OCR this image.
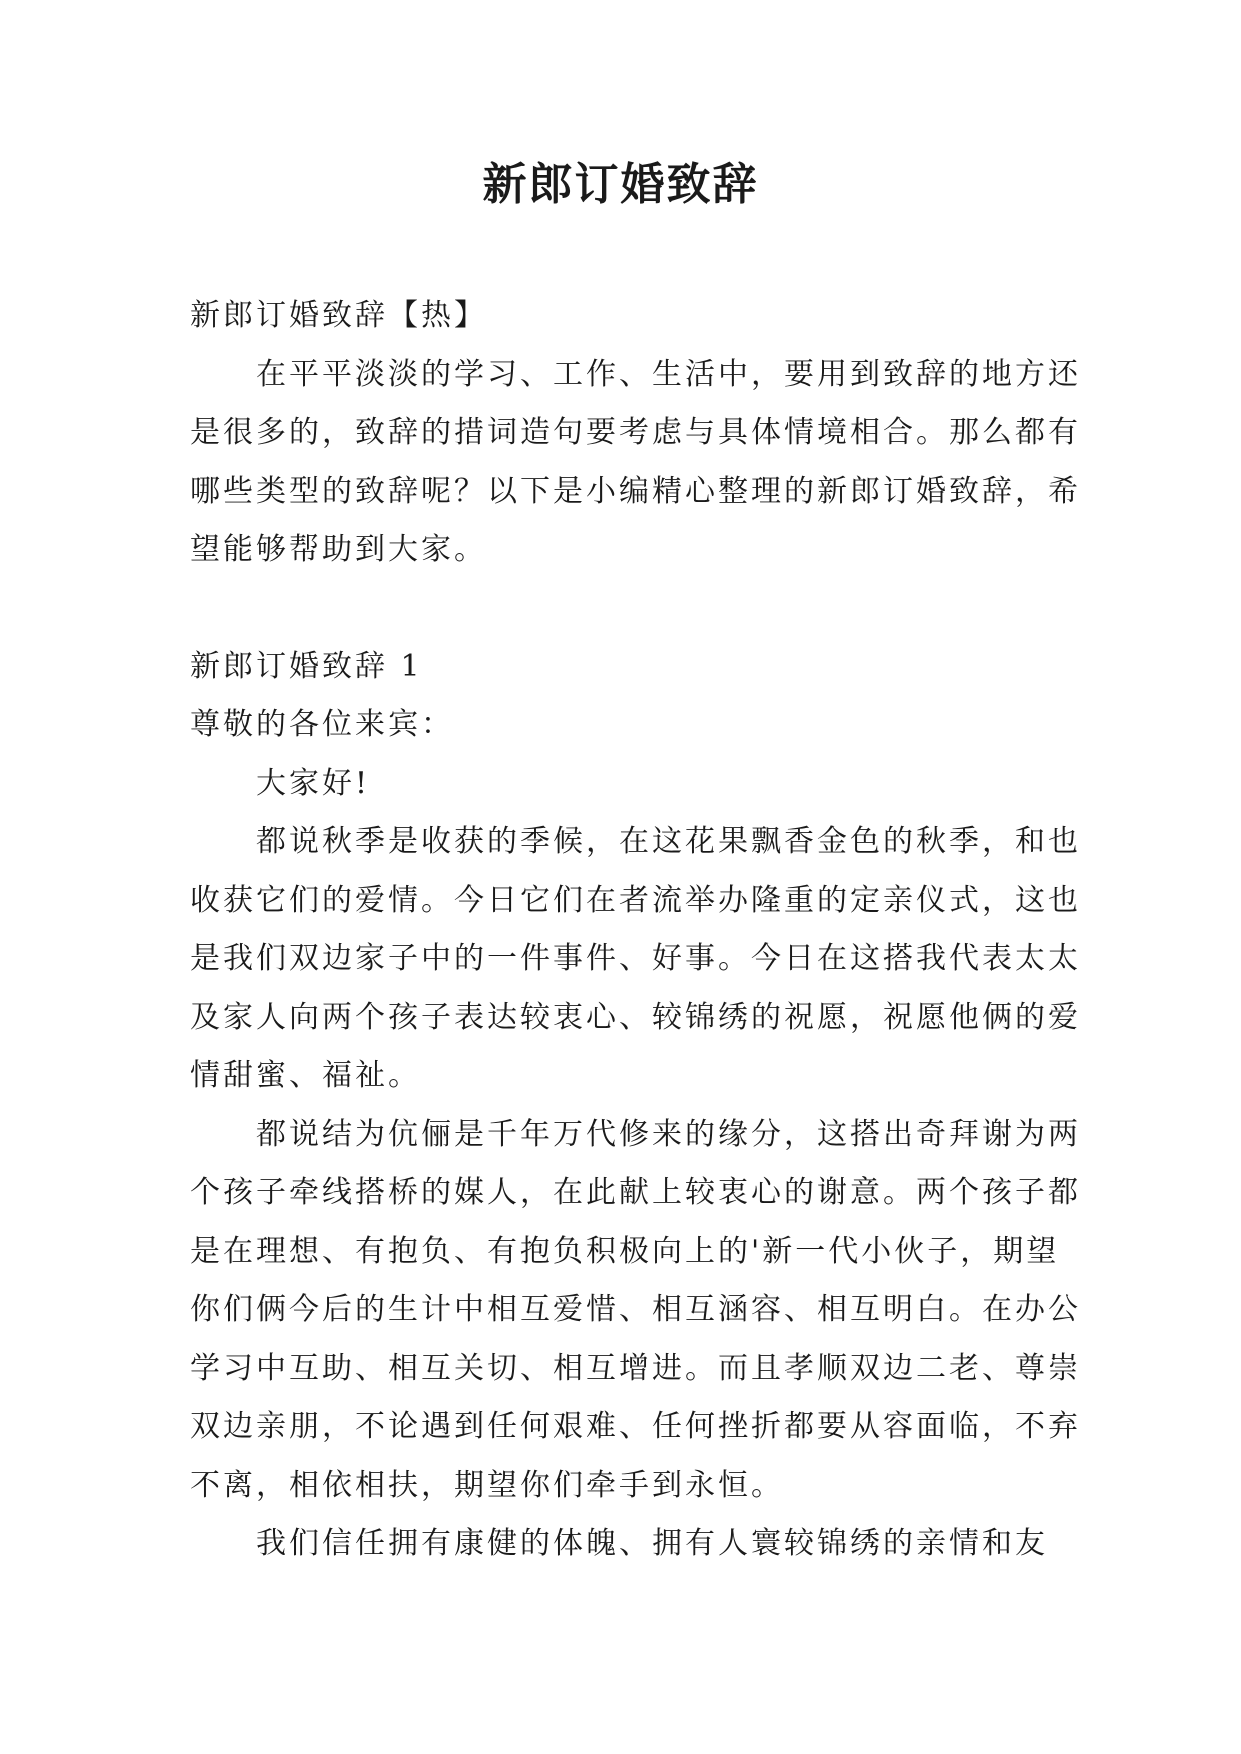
新郎订婚致辞

新郎订婚致辞【热】

在平平淡淡的学习、工作、生活中，要用到致辞的地方还是很多的，致辞的措词造句要考虑与具体情境相合。那么都有哪些类型的致辞呢？以下是小编精心整理的新郎订婚致辞，希望能够帮助到大家。

新郎订婚致辞 1

尊敬的各位来宾：

大家好!

都说秋季是收获的季候，在这花果飘香金色的秋季，和也收获它们的爱情。今日它们在者流举办隆重的定亲仪式，这也是我们双边家子中的一件事件、好事。今日在这搭我代表太太及家人向两个孩子表达较衷心、较锦绣的祝愿，祝愿他俩的爱情甜蜜、福祉。

都说结为伉俪是千年万代修来的缘分，这搭出奇拜谢为两个孩子牵线搭桥的媒人，在此献上较衷心的谢意。两个孩子都是在理想、有抱负、有抱负积极向上的'新一代小伙子，期望你们俩今后的生计中相互爱惜、相互涵容、相互明白。在办公学习中互助、相互关切、相互增进。而且孝顺双边二老、尊崇双边亲朋，不论遇到任何艰难、任何挫折都要从容面临，不弃不离，相依相扶，期望你们牵手到永恒。

我们信任拥有康健的体魄、拥有人寰较锦绣的亲情和友
